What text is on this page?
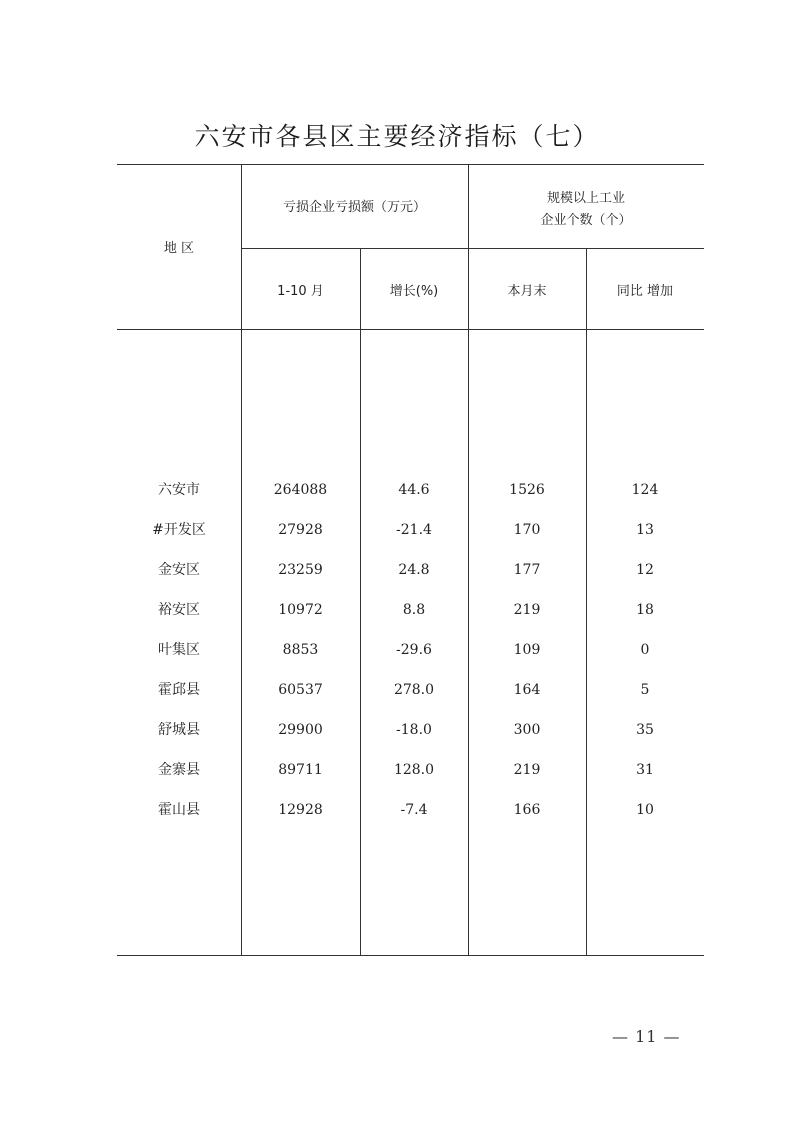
六安市各县区主要经济指标（七）
地 区
亏损企业亏损额（万元）
规模以上工业
企业个数（个）
1-10 月	增长(%)	本月末	同比 增加
六安市	264088	44.6	1526	124
#开发区	27928	-21.4	170	13
金安区	23259	24.8	177	12
裕安区	10972	8.8	219	18
叶集区	8853	-29.6	109	0
霍邱县	60537	278.0	164	5
舒城县	29900	-18.0	300	35
金寨县	89711	128.0	219	31
霍山县	12928	-7.4	166	10
— 11 —
